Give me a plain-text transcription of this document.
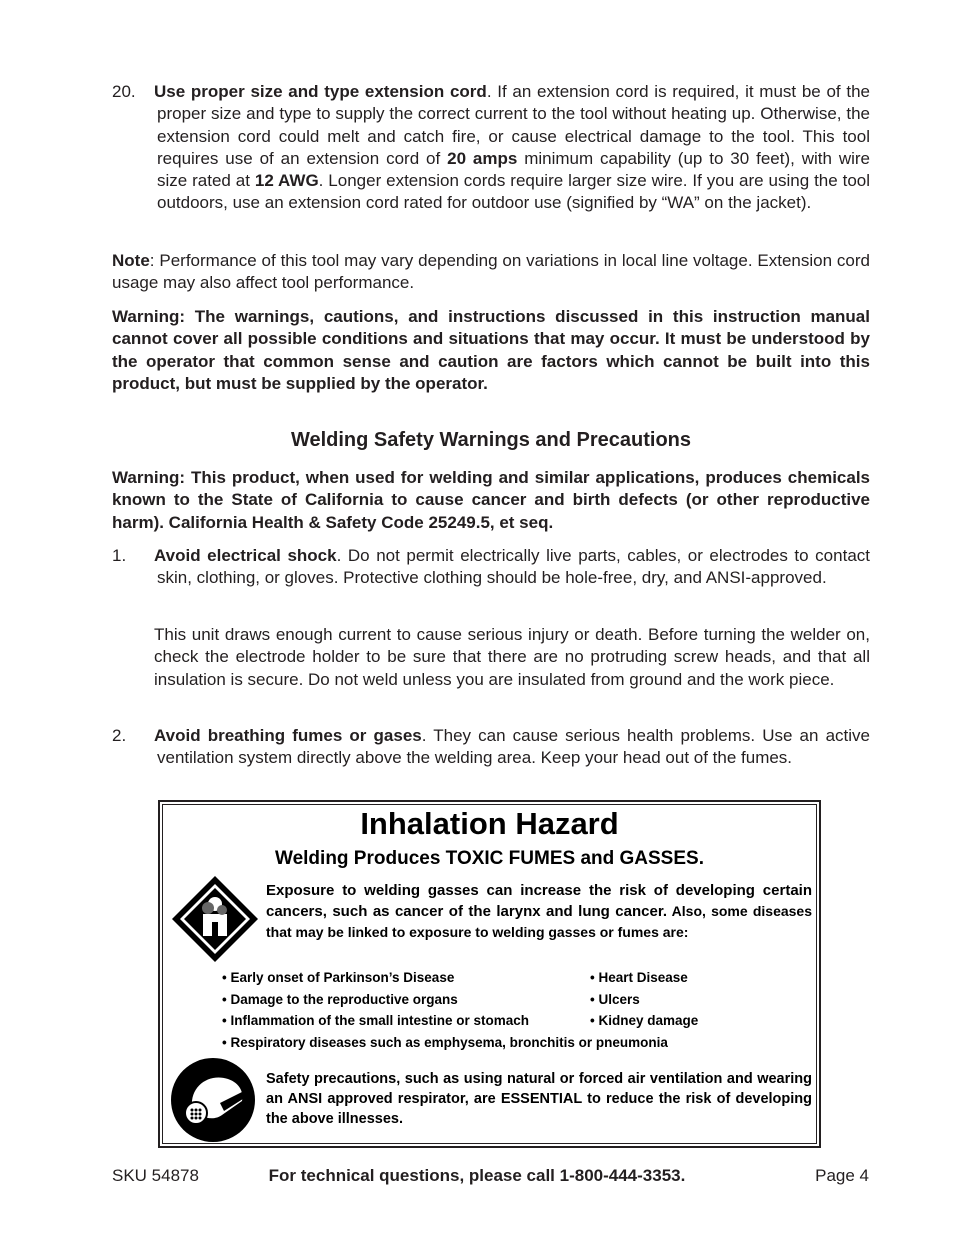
20. Use proper size and type extension cord. If an extension cord is required, it must be of the proper size and type to supply the correct current to the tool without heating up. Otherwise, the extension cord could melt and catch fire, or cause electrical damage to the tool. This tool requires use of an extension cord of 20 amps minimum capability (up to 30 feet), with wire size rated at 12 AWG. Longer extension cords require larger size wire. If you are using the tool outdoors, use an extension cord rated for outdoor use (signified by “WA” on the jacket).
Note: Performance of this tool may vary depending on variations in local line voltage. Extension cord usage may also affect tool performance.
Warning: The warnings, cautions, and instructions discussed in this instruction manual cannot cover all possible conditions and situations that may occur. It must be understood by the operator that common sense and caution are factors which cannot be built into this product, but must be supplied by the operator.
Welding Safety Warnings and Precautions
Warning: This product, when used for welding and similar applications, produces chemicals known to the State of California to cause cancer and birth defects (or other reproductive harm). California Health & Safety Code 25249.5, et seq.
1. Avoid electrical shock. Do not permit electrically live parts, cables, or electrodes to contact skin, clothing, or gloves. Protective clothing should be hole-free, dry, and ANSI-approved.
This unit draws enough current to cause serious injury or death. Before turning the welder on, check the electrode holder to be sure that there are no protruding screw heads, and that all insulation is secure. Do not weld unless you are insulated from ground and the work piece.
2. Avoid breathing fumes or gases. They can cause serious health problems. Use an active ventilation system directly above the welding area. Keep your head out of the fumes.
Inhalation Hazard
Welding Produces TOXIC FUMES and GASSES.
Exposure to welding gasses can increase the risk of developing certain cancers, such as cancer of the larynx and lung cancer. Also, some diseases that may be linked to exposure to welding gasses or fumes are:
• Early onset of Parkinson’s Disease
• Damage to the reproductive organs
• Inflammation of the small intestine or stomach
• Heart Disease
• Ulcers
• Kidney damage
• Respiratory diseases such as emphysema, bronchitis or pneumonia
Safety precautions, such as using natural or forced air ventilation and wearing an ANSI approved respirator, are ESSENTIAL to reduce the risk of developing the above illnesses.
SKU 54878	For technical questions, please call 1-800-444-3353.	Page 4
